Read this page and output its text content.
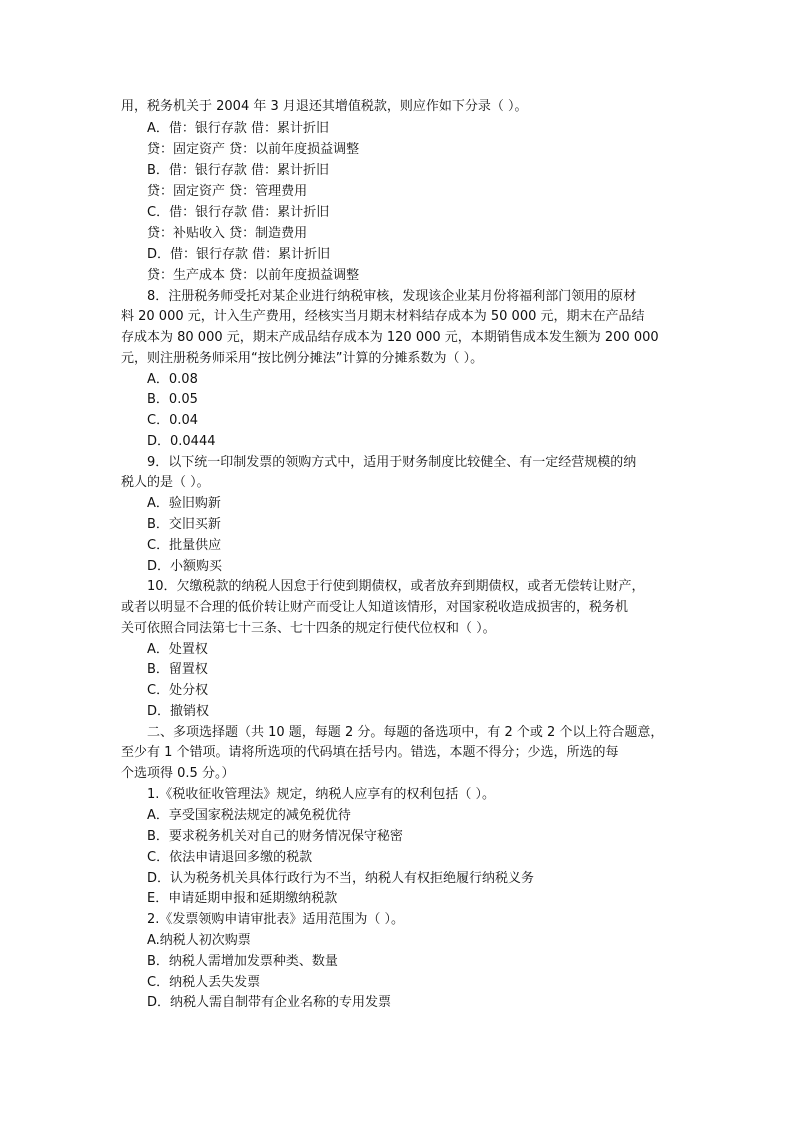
用，税务机关于 2004 年 3 月退还其增值税款，则应作如下分录（ ）。
A．借：银行存款 借：累计折旧
贷：固定资产 贷：以前年度损益调整
B．借：银行存款 借：累计折旧
贷：固定资产 贷：管理费用
C．借：银行存款 借：累计折旧
贷：补贴收入 贷：制造费用
D．借：银行存款 借：累计折旧
贷：生产成本 贷：以前年度损益调整
8．注册税务师受托对某企业进行纳税审核，发现该企业某月份将福利部门领用的原材
料 20 000 元，计入生产费用，经核实当月期末材料结存成本为 50 000 元，期末在产品结
存成本为 80 000 元，期末产成品结存成本为 120 000 元，本期销售成本发生额为 200 000
元，则注册税务师采用“按比例分摊法”计算的分摊系数为（ ）。
A．0.08
B．0.05
C．0.04
D．0.0444
9．以下统一印制发票的领购方式中，适用于财务制度比较健全、有一定经营规模的纳
税人的是（ ）。
A．验旧购新
B．交旧买新
C．批量供应
D．小额购买
10．欠缴税款的纳税人因怠于行使到期债权，或者放弃到期债权，或者无偿转让财产，
或者以明显不合理的低价转让财产而受让人知道该情形，对国家税收造成损害的，税务机
关可依照合同法第七十三条、七十四条的规定行使代位权和（ ）。
A．处置权
B．留置权
C．处分权
D．撤销权
二、多项选择题（共 10 题，每题 2 分。每题的备选项中，有 2 个或 2 个以上符合题意，
至少有 1 个错项。请将所选项的代码填在括号内。错选，本题不得分；少选，所选的每
个选项得 0.5 分。）
1.《税收征收管理法》规定，纳税人应享有的权利包括（ ）。
A．享受国家税法规定的减免税优待
B．要求税务机关对自己的财务情况保守秘密
C．依法申请退回多缴的税款
D．认为税务机关具体行政行为不当，纳税人有权拒绝履行纳税义务
E．申请延期申报和延期缴纳税款
2.《发票领购申请审批表》适用范围为（ ）。
A.纳税人初次购票
B．纳税人需增加发票种类、数量
C．纳税人丢失发票
D．纳税人需自制带有企业名称的专用发票
